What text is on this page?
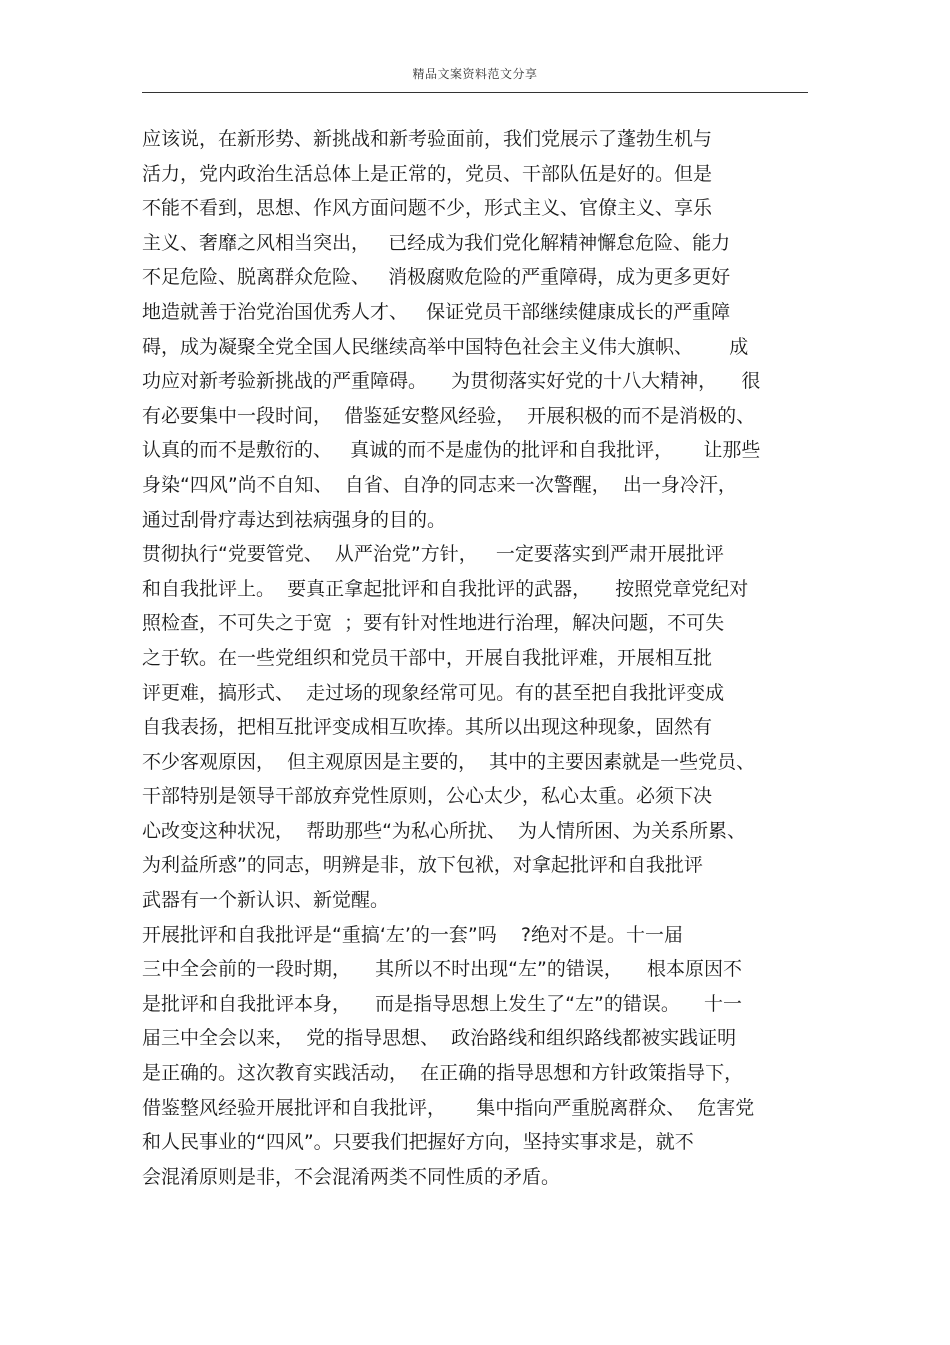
精品文案资料范文分享
应该说，在新形势、新挑战和新考验面前，我们党展示了蓬勃生机与
活力，党内政治生活总体上是正常的，党员、干部队伍是好的。但是
不能不看到，思想、作风方面问题不少，形式主义、官僚主义、享乐
主义、奢靡之风相当突出，   已经成为我们党化解精神懈怠危险、能力
不足危险、脱离群众危险、   消极腐败危险的严重障碍，成为更多更好
地造就善于治党治国优秀人才、   保证党员干部继续健康成长的严重障
碍，成为凝聚全党全国人民继续高举中国特色社会主义伟大旗帜、      成
功应对新考验新挑战的严重障碍。    为贯彻落实好党的十八大精神，    很
有必要集中一段时间，  借鉴延安整风经验，  开展积极的而不是消极的、
认真的而不是敷衍的、   真诚的而不是虚伪的批评和自我批评，     让那些
身染“四风”尚不自知、  自省、自净的同志来一次警醒，  出一身冷汗，
通过刮骨疗毒达到祛病强身的目的。
贯彻执行“党要管党、  从严治党”方针，   一定要落实到严肃开展批评
和自我批评上。  要真正拿起批评和自我批评的武器，    按照党章党纪对
照检查，不可失之于宽  ；要有针对性地进行治理，解决问题，不可失
之于软。在一些党组织和党员干部中，开展自我批评难，开展相互批
评更难，搞形式、  走过场的现象经常可见。有的甚至把自我批评变成
自我表扬，把相互批评变成相互吹捧。其所以出现这种现象，固然有
不少客观原因，  但主观原因是主要的，  其中的主要因素就是一些党员、
干部特别是领导干部放弃党性原则，公心太少，私心太重。必须下决
心改变这种状况，  帮助那些“为私心所扰、  为人情所困、为关系所累、
为利益所惑”的同志，明辨是非，放下包袱，对拿起批评和自我批评
武器有一个新认识、新觉醒。
开展批评和自我批评是“重搞‘左’的一套”吗    ?绝对不是。十一届
三中全会前的一段时期，    其所以不时出现“左”的错误，    根本原因不
是批评和自我批评本身，    而是指导思想上发生了“左”的错误。    十一
届三中全会以来，  党的指导思想、  政治路线和组织路线都被实践证明
是正确的。这次教育实践活动，  在正确的指导思想和方针政策指导下，
借鉴整风经验开展批评和自我批评，     集中指向严重脱离群众、  危害党
和人民事业的“四风”。只要我们把握好方向，坚持实事求是，就不
会混淆原则是非，不会混淆两类不同性质的矛盾。
